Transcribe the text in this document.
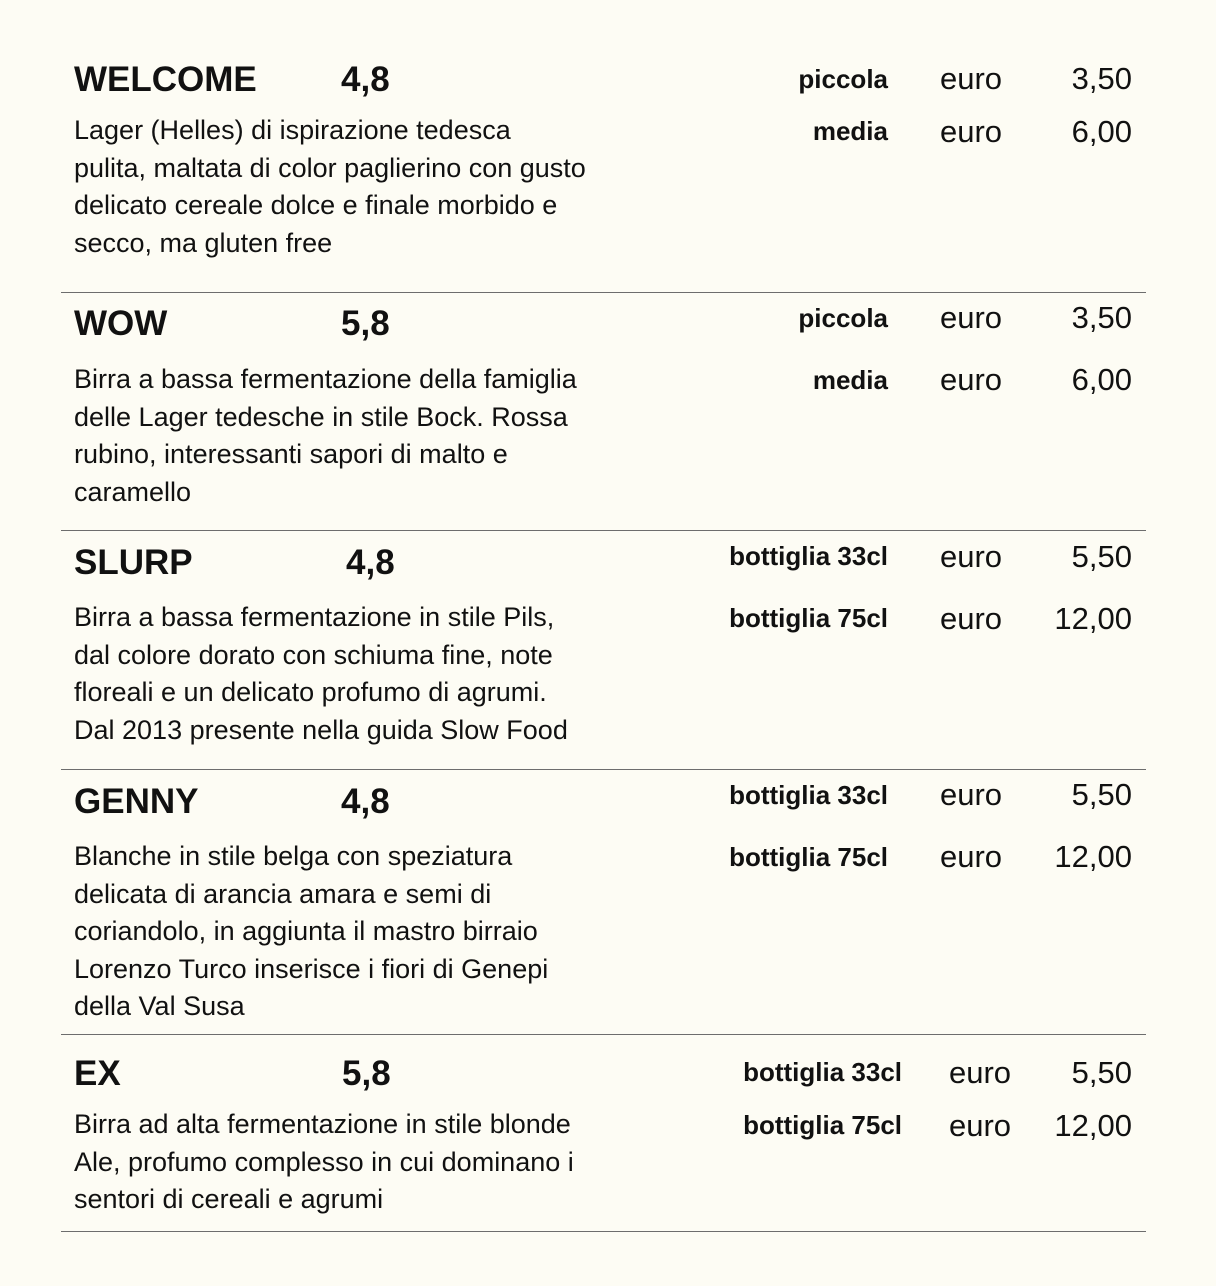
WELCOME 4,8
Lager (Helles) di ispirazione tedesca
pulita, maltata di color paglierino con gusto
delicato cereale dolce e finale morbido e
secco, ma gluten free
piccola euro 3,50
media euro 6,00
WOW	5,8
Birra a bassa fermentazione della famiglia
delle Lager tedesche in stile Bock. Rossa
rubino, interessanti sapori di malto e
caramello
piccola euro 3,50
media euro 6,00
SLURP	4,8
Birra a bassa fermentazione in stile Pils,
dal colore dorato con schiuma fine, note
floreali e un delicato profumo di agrumi.
Dal 2013 presente nella guida Slow Food
bottiglia 33cl euro 5,50
bottiglia 75cl euro 12,00
GENNY	4,8
Blanche in stile belga con speziatura
delicata di arancia amara e semi di
coriandolo, in aggiunta il mastro birraio
Lorenzo Turco inserisce i fiori di Genepi
della Val Susa
bottiglia 33cl euro 5,50
bottiglia 75cl euro 12,00
EX	5,8
Birra ad alta fermentazione in stile blonde
Ale, profumo complesso in cui dominano i
sentori di cereali e agrumi
bottiglia 33cl euro 5,50
bottiglia 75cl euro 12,00
